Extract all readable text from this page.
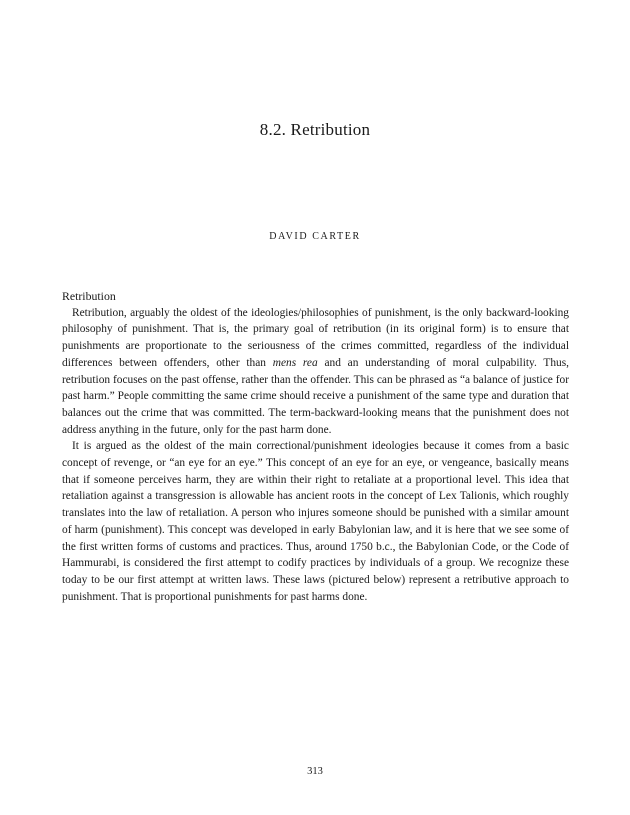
8.2. Retribution
DAVID CARTER
Retribution

Retribution, arguably the oldest of the ideologies/philosophies of punishment, is the only backward-looking philosophy of punishment. That is, the primary goal of retribution (in its original form) is to ensure that punishments are proportionate to the seriousness of the crimes committed, regardless of the individual differences between offenders, other than mens rea and an understanding of moral culpability. Thus, retribution focuses on the past offense, rather than the offender. This can be phrased as “a balance of justice for past harm.” People committing the same crime should receive a punishment of the same type and duration that balances out the crime that was committed. The term-backward-looking means that the punishment does not address anything in the future, only for the past harm done.

It is argued as the oldest of the main correctional/punishment ideologies because it comes from a basic concept of revenge, or “an eye for an eye.” This concept of an eye for an eye, or vengeance, basically means that if someone perceives harm, they are within their right to retaliate at a proportional level. This idea that retaliation against a transgression is allowable has ancient roots in the concept of Lex Talionis, which roughly translates into the law of retaliation. A person who injures someone should be punished with a similar amount of harm (punishment). This concept was developed in early Babylonian law, and it is here that we see some of the first written forms of customs and practices. Thus, around 1750 b.c., the Babylonian Code, or the Code of Hammurabi, is considered the first attempt to codify practices by individuals of a group. We recognize these today to be our first attempt at written laws. These laws (pictured below) represent a retributive approach to punishment. That is proportional punishments for past harms done.

313
